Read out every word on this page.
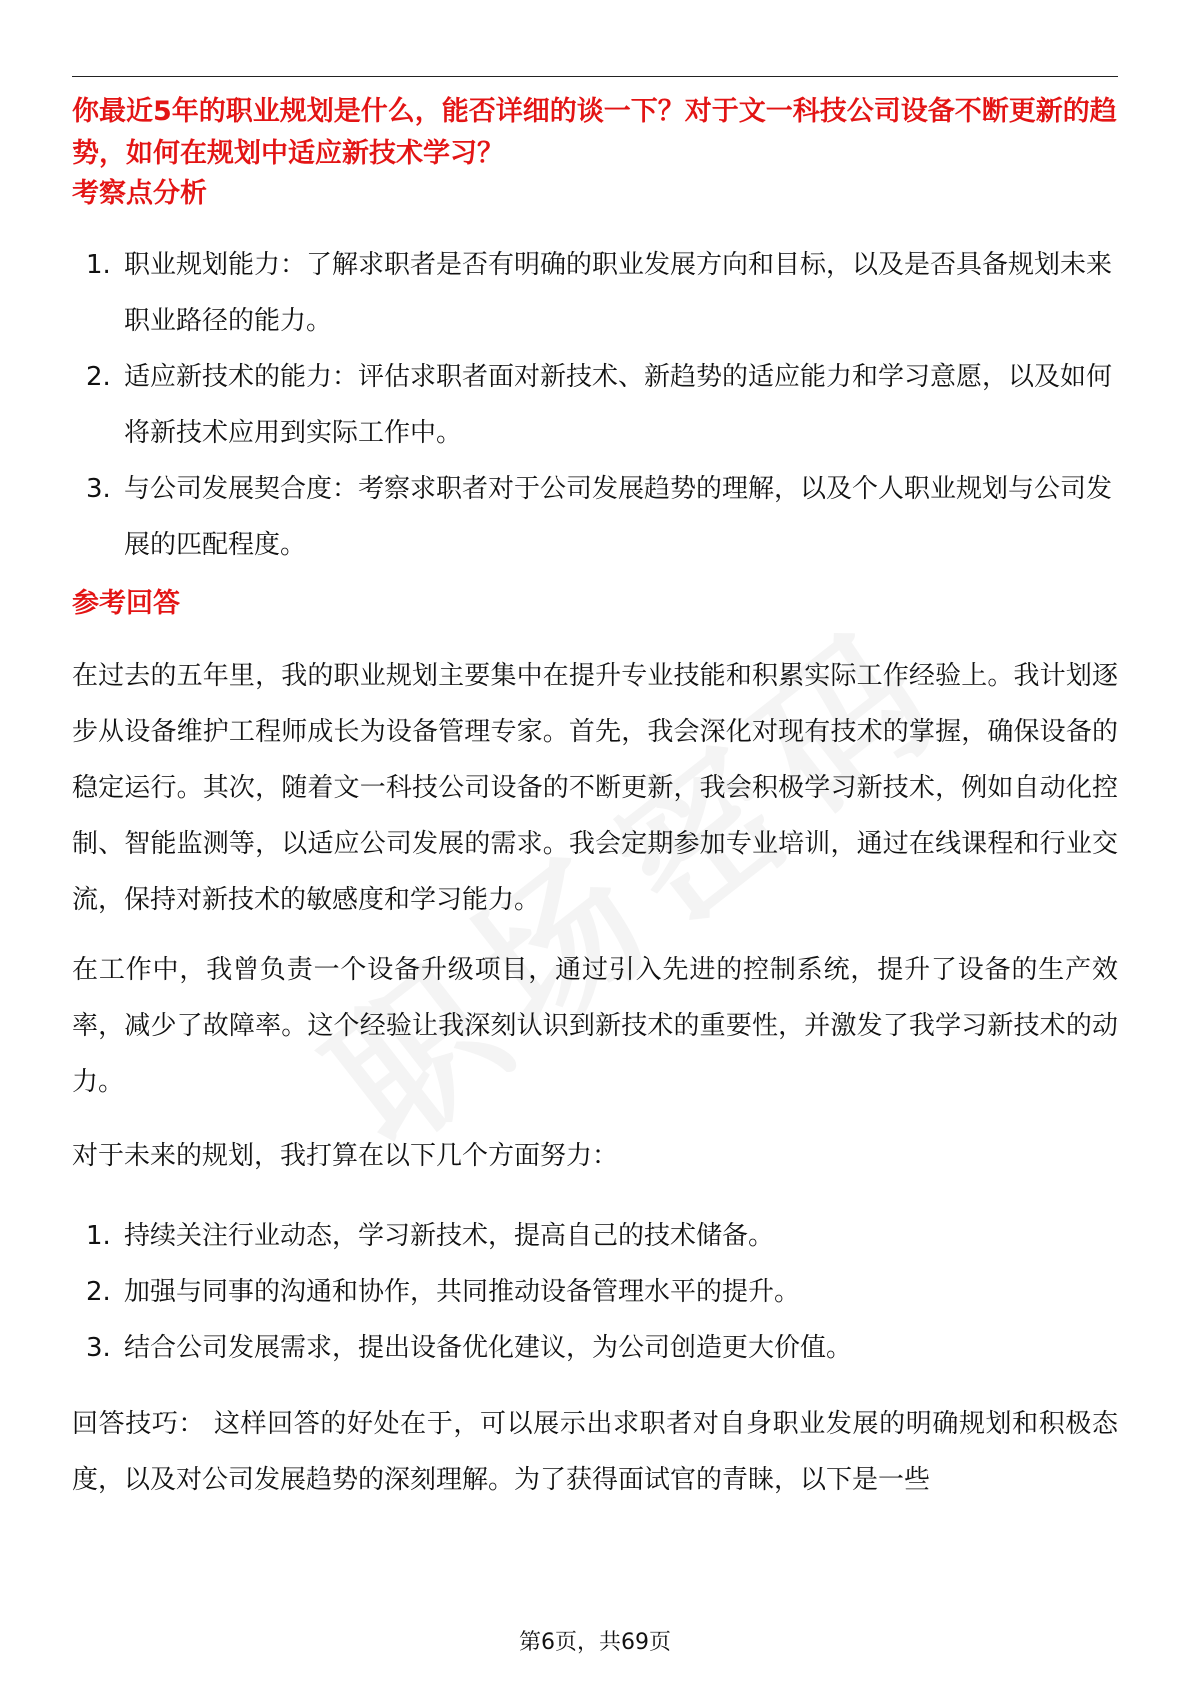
你最近5年的职业规划是什么，能否详细的谈一下？对于文一科技公司设备不断更新的趋势，如何在规划中适应新技术学习？

考察点分析
1. 职业规划能力：了解求职者是否有明确的职业发展方向和目标，以及是否具备规划未来职业路径的能力。
2. 适应新技术的能力：评估求职者面对新技术、新趋势的适应能力和学习意愿，以及如何将新技术应用到实际工作中。
3. 与公司发展契合度：考察求职者对于公司发展趋势的理解，以及个人职业规划与公司发展的匹配程度。
参考回答

在过去的五年里，我的职业规划主要集中在提升专业技能和积累实际工作经验上。我计划逐步从设备维护工程师成长为设备管理专家。首先，我会深化对现有技术的掌握，确保设备的稳定运行。其次，随着文一科技公司设备的不断更新，我会积极学习新技术，例如自动化控制、智能监测等，以适应公司发展的需求。我会定期参加专业培训，通过在线课程和行业交流，保持对新技术的敏感度和学习能力。

在工作中，我曾负责一个设备升级项目，通过引入先进的控制系统，提升了设备的生产效率，减少了故障率。这个经验让我深刻认识到新技术的重要性，并激发了我学习新技术的动力。

对于未来的规划，我打算在以下几个方面努力：

1. 持续关注行业动态，学习新技术，提高自己的技术储备。
2. 加强与同事的沟通和协作，共同推动设备管理水平的提升。
3. 结合公司发展需求，提出设备优化建议，为公司创造更大价值。

回答技巧： 这样回答的好处在于，可以展示出求职者对自身职业发展的明确规划和积极态度，以及对公司发展趋势的深刻理解。为了获得面试官的青睐，以下是一些

第6页，共69页
